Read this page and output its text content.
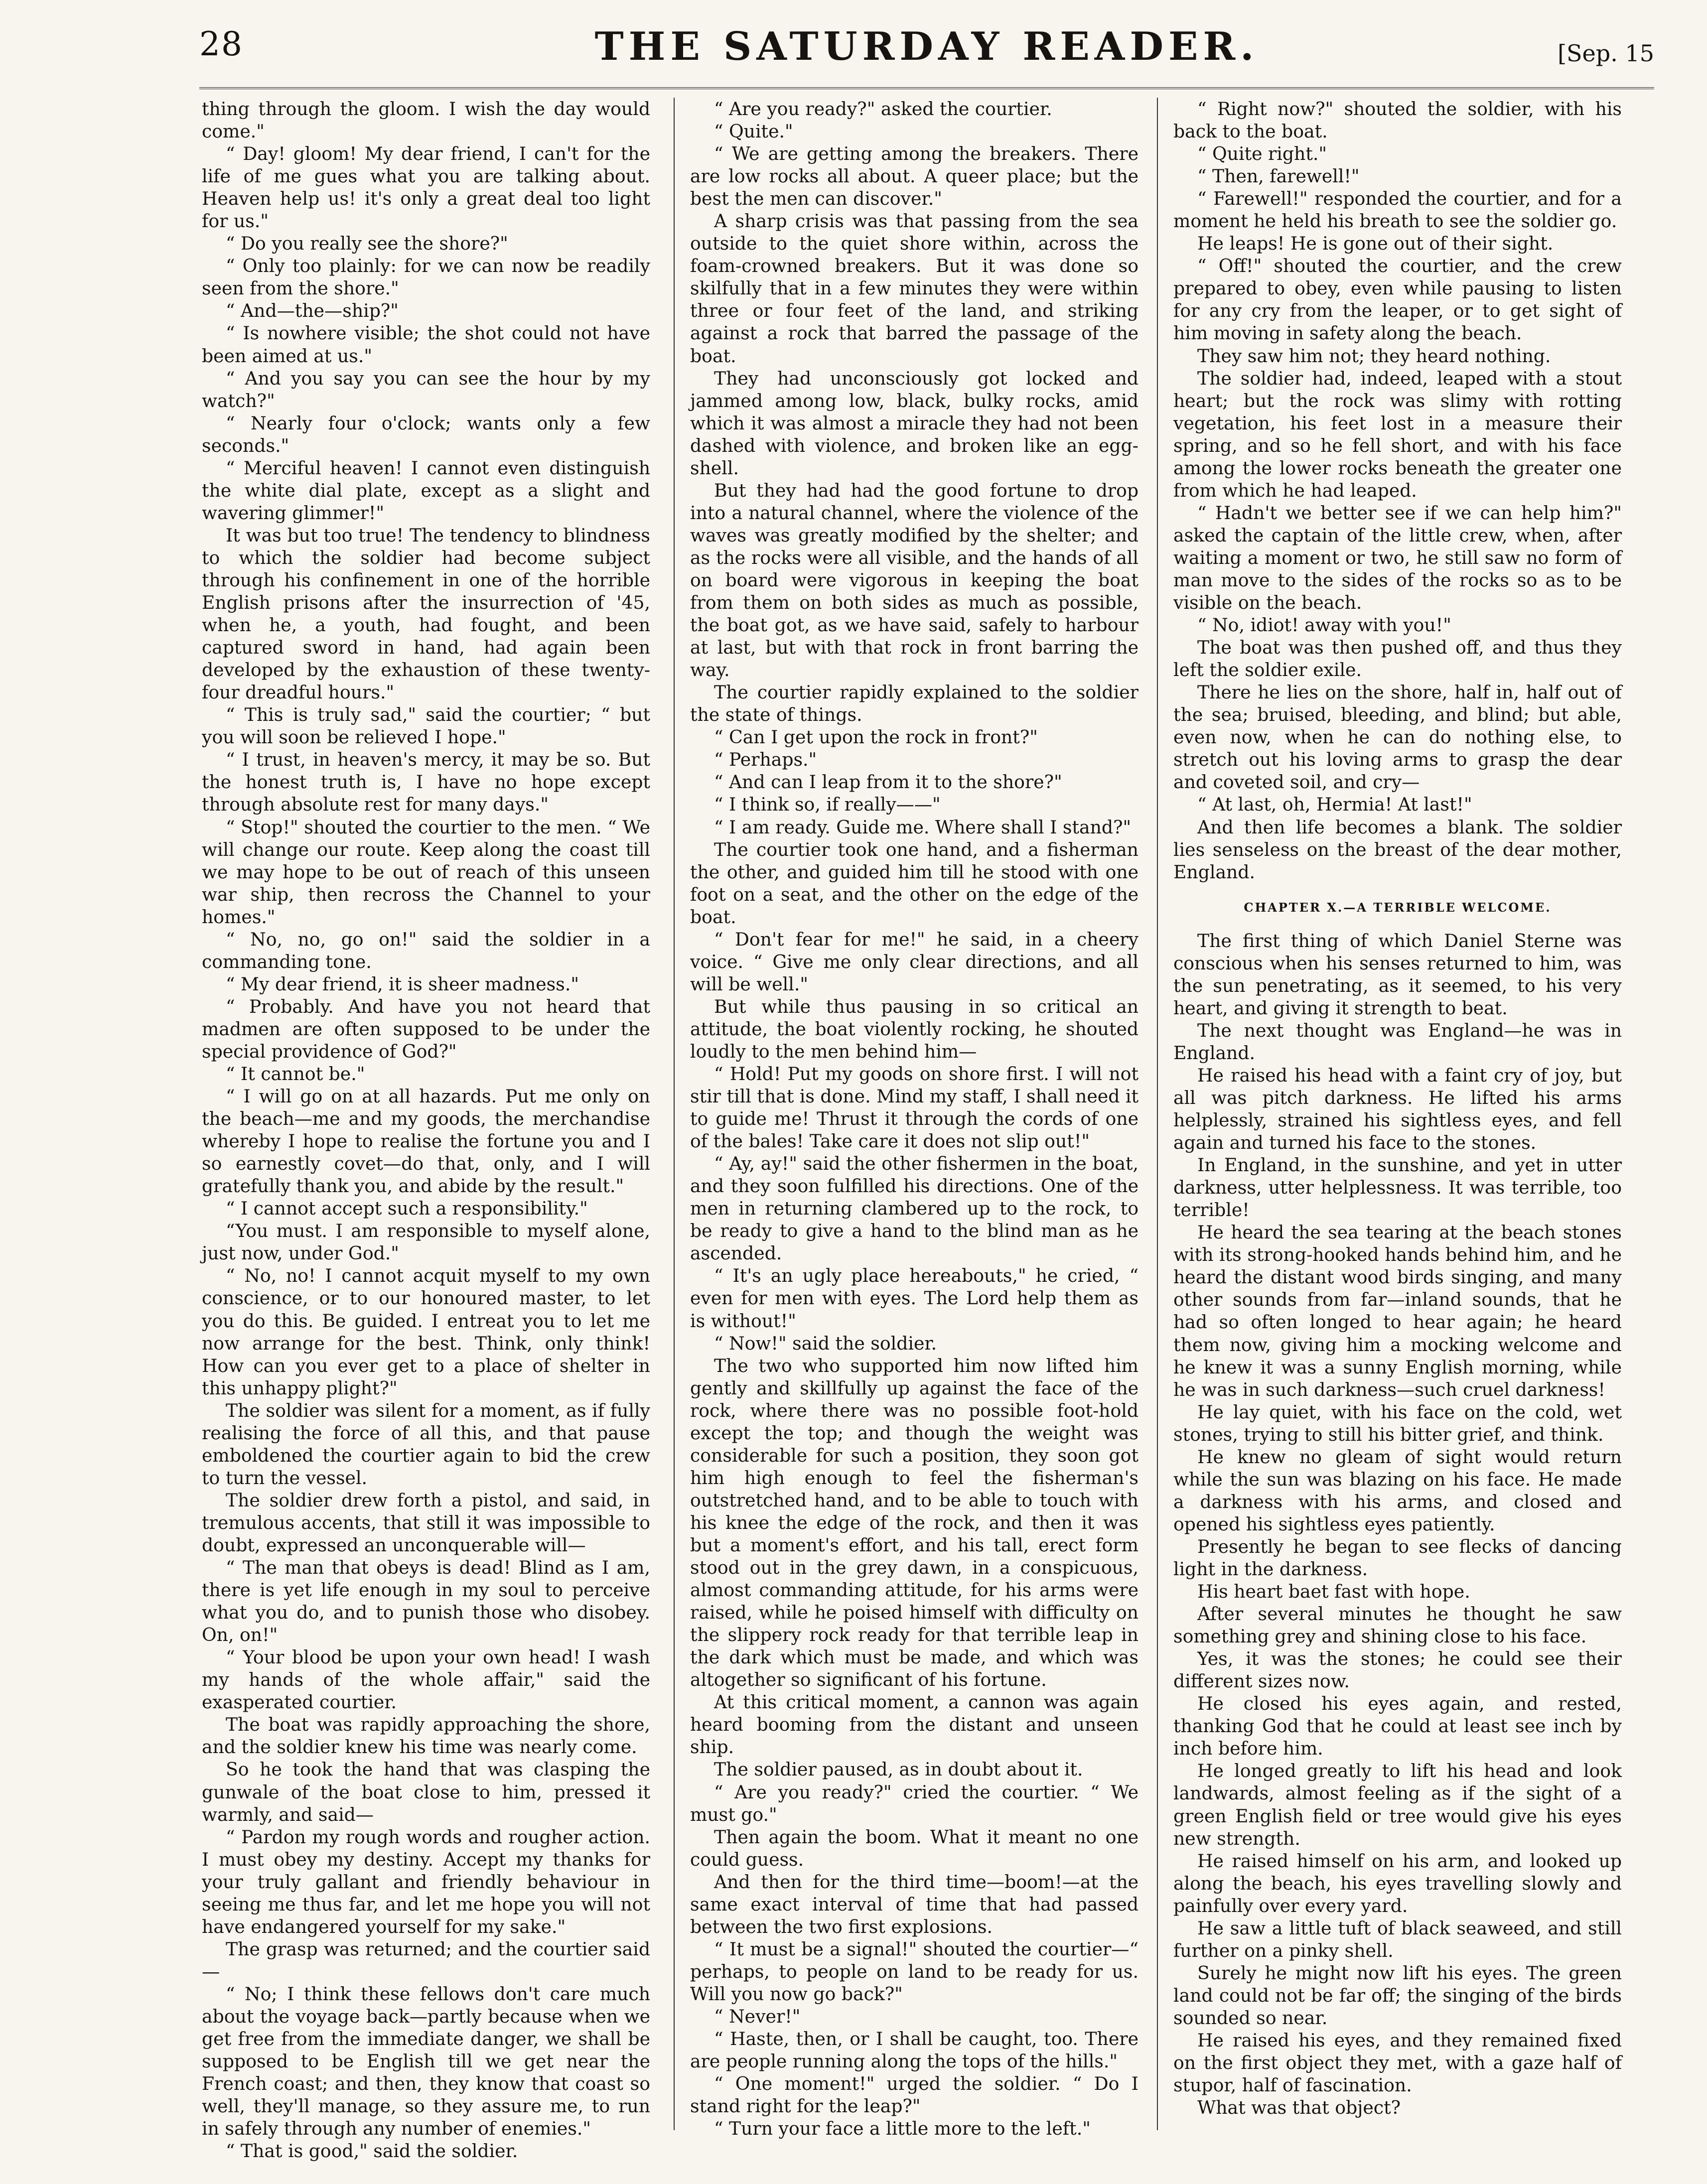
28	THE SATURDAY READER.	[Sep. 15

thing through the gloom. I wish the day would come."

“ Day! gloom! My dear friend, I can't for the life of me gues what you are talking about. Heaven help us! it's only a great deal too light for us."

“ Do you really see the shore?"

“ Only too plainly: for we can now be readily seen from the shore."

“ And—the—ship?"

“ Is nowhere visible; the shot could not have been aimed at us."

“ And you say you can see the hour by my watch?"

“ Nearly four o'clock; wants only a few seconds."

“ Merciful heaven! I cannot even distinguish the white dial plate, except as a slight and wavering glimmer!"

It was but too true! The tendency to blindness to which the soldier had become subject through his confinement in one of the horrible English prisons after the insurrection of '45, when he, a youth, had fought, and been captured sword in hand, had again been developed by the exhaustion of these twenty-four dreadful hours."

“ This is truly sad," said the courtier; “ but you will soon be relieved I hope."

“ I trust, in heaven's mercy, it may be so. But the honest truth is, I have no hope except through absolute rest for many days."

“ Stop!" shouted the courtier to the men. “ We will change our route. Keep along the coast till we may hope to be out of reach of this unseen war ship, then recross the Channel to your homes."

“ No, no, go on!" said the soldier in a commanding tone.

“ My dear friend, it is sheer madness."

“ Probably. And have you not heard that madmen are often supposed to be under the special providence of God?"

“ It cannot be."

“ I will go on at all hazards. Put me only on the beach—me and my goods, the merchandise whereby I hope to realise the fortune you and I so earnestly covet—do that, only, and I will gratefully thank you, and abide by the result."

“ I cannot accept such a responsibility."

“You must. I am responsible to myself alone, just now, under God."

“ No, no! I cannot acquit myself to my own conscience, or to our honoured master, to let you do this. Be guided. I entreat you to let me now arrange for the best. Think, only think! How can you ever get to a place of shelter in this unhappy plight?"

The soldier was silent for a moment, as if fully realising the force of all this, and that pause emboldened the courtier again to bid the crew to turn the vessel.

The soldier drew forth a pistol, and said, in tremulous accents, that still it was impossible to doubt, expressed an unconquerable will—

“ The man that obeys is dead! Blind as I am, there is yet life enough in my soul to perceive what you do, and to punish those who disobey. On, on!"

“ Your blood be upon your own head! I wash my hands of the whole affair," said the exasperated courtier.

The boat was rapidly approaching the shore, and the soldier knew his time was nearly come.

So he took the hand that was clasping the gunwale of the boat close to him, pressed it warmly, and said—

“ Pardon my rough words and rougher action. I must obey my destiny. Accept my thanks for your truly gallant and friendly behaviour in seeing me thus far, and let me hope you will not have endangered yourself for my sake."

The grasp was returned; and the courtier said—

“ No; I think these fellows don't care much about the voyage back—partly because when we get free from the immediate danger, we shall be supposed to be English till we get near the French coast; and then, they know that coast so well, they'll manage, so they assure me, to run in safely through any number of enemies."

“ That is good," said the soldier.

“ Are you ready?" asked the courtier.

“ Quite."

“ We are getting among the breakers. There are low rocks all about. A queer place; but the best the men can discover."

A sharp crisis was that passing from the sea outside to the quiet shore within, across the foam-crowned breakers. But it was done so skilfully that in a few minutes they were within three or four feet of the land, and striking against a rock that barred the passage of the boat.

They had unconsciously got locked and jammed among low, black, bulky rocks, amid which it was almost a miracle they had not been dashed with violence, and broken like an egg-shell.

But they had had the good fortune to drop into a natural channel, where the violence of the waves was greatly modified by the shelter; and as the rocks were all visible, and the hands of all on board were vigorous in keeping the boat from them on both sides as much as possible, the boat got, as we have said, safely to harbour at last, but with that rock in front barring the way.

The courtier rapidly explained to the soldier the state of things.

“ Can I get upon the rock in front?"

“ Perhaps."

“ And can I leap from it to the shore?"

“ I think so, if really——"

“ I am ready. Guide me. Where shall I stand?"

The courtier took one hand, and a fisherman the other, and guided him till he stood with one foot on a seat, and the other on the edge of the boat.

“ Don't fear for me!" he said, in a cheery voice. “ Give me only clear directions, and all will be well."

But while thus pausing in so critical an attitude, the boat violently rocking, he shouted loudly to the men behind him—

“ Hold! Put my goods on shore first. I will not stir till that is done. Mind my staff, I shall need it to guide me! Thrust it through the cords of one of the bales! Take care it does not slip out!"

“ Ay, ay!" said the other fishermen in the boat, and they soon fulfilled his directions. One of the men in returning clambered up to the rock, to be ready to give a hand to the blind man as he ascended.

“ It's an ugly place hereabouts," he cried, “ even for men with eyes. The Lord help them as is without!"

“ Now!" said the soldier.

The two who supported him now lifted him gently and skillfully up against the face of the rock, where there was no possible foot-hold except the top; and though the weight was considerable for such a position, they soon got him high enough to feel the fisherman's outstretched hand, and to be able to touch with his knee the edge of the rock, and then it was but a moment's effort, and his tall, erect form stood out in the grey dawn, in a conspicuous, almost commanding attitude, for his arms were raised, while he poised himself with difficulty on the slippery rock ready for that terrible leap in the dark which must be made, and which was altogether so significant of his fortune.

At this critical moment, a cannon was again heard booming from the distant and unseen ship.

The soldier paused, as in doubt about it.

“ Are you ready?" cried the courtier. “ We must go."

Then again the boom. What it meant no one could guess.

And then for the third time—boom!—at the same exact interval of time that had passed between the two first explosions.

“ It must be a signal!" shouted the courtier—“ perhaps, to people on land to be ready for us. Will you now go back?"

“ Never!"

“ Haste, then, or I shall be caught, too. There are people running along the tops of the hills."

“ One moment!" urged the soldier. “ Do I stand right for the leap?"

“ Turn your face a little more to the left."

“ Right now?" shouted the soldier, with his back to the boat.

“ Quite right."

“ Then, farewell!"

“ Farewell!" responded the courtier, and for a moment he held his breath to see the soldier go.

He leaps! He is gone out of their sight.

“ Off!" shouted the courtier, and the crew prepared to obey, even while pausing to listen for any cry from the leaper, or to get sight of him moving in safety along the beach.

They saw him not; they heard nothing.

The soldier had, indeed, leaped with a stout heart; but the rock was slimy with rotting vegetation, his feet lost in a measure their spring, and so he fell short, and with his face among the lower rocks beneath the greater one from which he had leaped.

“ Hadn't we better see if we can help him?" asked the captain of the little crew, when, after waiting a moment or two, he still saw no form of man move to the sides of the rocks so as to be visible on the beach.

“ No, idiot! away with you!"

The boat was then pushed off, and thus they left the soldier exile.

There he lies on the shore, half in, half out of the sea; bruised, bleeding, and blind; but able, even now, when he can do nothing else, to stretch out his loving arms to grasp the dear and coveted soil, and cry—

“ At last, oh, Hermia! At last!"

And then life becomes a blank. The soldier lies senseless on the breast of the dear mother, England.

CHAPTER X.—A TERRIBLE WELCOME.

The first thing of which Daniel Sterne was conscious when his senses returned to him, was the sun penetrating, as it seemed, to his very heart, and giving it strength to beat.

The next thought was England—he was in England.

He raised his head with a faint cry of joy, but all was pitch darkness. He lifted his arms helplessly, strained his sightless eyes, and fell again and turned his face to the stones.

In England, in the sunshine, and yet in utter darkness, utter helplessness. It was terrible, too terrible!

He heard the sea tearing at the beach stones with its strong-hooked hands behind him, and he heard the distant wood birds singing, and many other sounds from far—inland sounds, that he had so often longed to hear again; he heard them now, giving him a mocking welcome and he knew it was a sunny English morning, while he was in such darkness—such cruel darkness!

He lay quiet, with his face on the cold, wet stones, trying to still his bitter grief, and think.

He knew no gleam of sight would return while the sun was blazing on his face. He made a darkness with his arms, and closed and opened his sightless eyes patiently.

Presently he began to see flecks of dancing light in the darkness.

His heart baet fast with hope.

After several minutes he thought he saw something grey and shining close to his face.

Yes, it was the stones; he could see their different sizes now.

He closed his eyes again, and rested, thanking God that he could at least see inch by inch before him.

He longed greatly to lift his head and look landwards, almost feeling as if the sight of a green English field or tree would give his eyes new strength.

He raised himself on his arm, and looked up along the beach, his eyes travelling slowly and painfully over every yard.

He saw a little tuft of black seaweed, and still further on a pinky shell.

Surely he might now lift his eyes. The green land could not be far off; the singing of the birds sounded so near.

He raised his eyes, and they remained fixed on the first object they met, with a gaze half of stupor, half of fascination.

What was that object?
